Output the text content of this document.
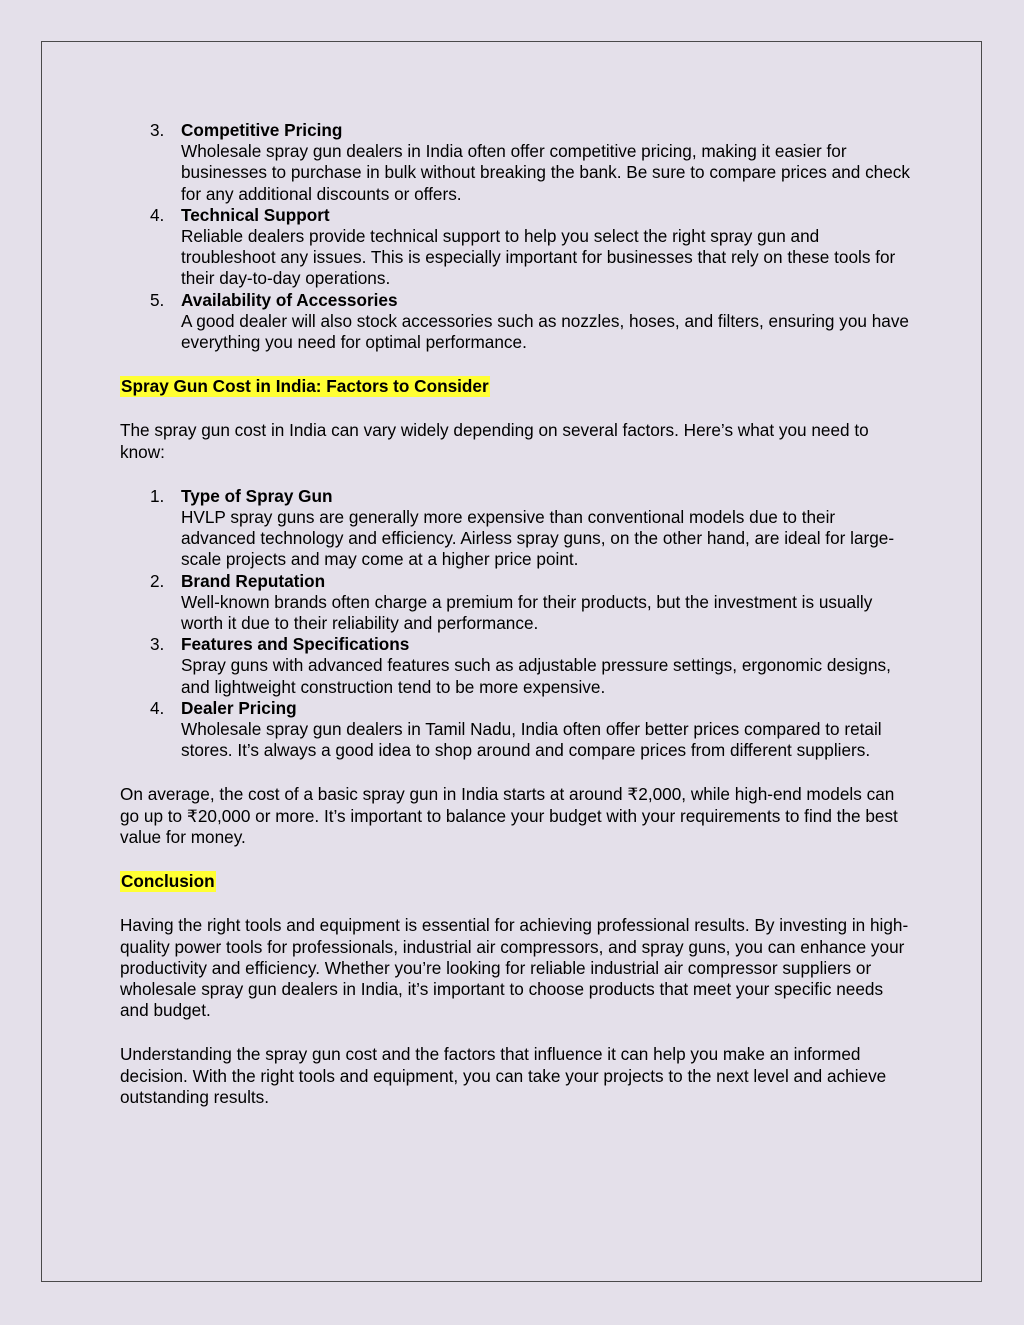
3. Competitive Pricing
Wholesale spray gun dealers in India often offer competitive pricing, making it easier for businesses to purchase in bulk without breaking the bank. Be sure to compare prices and check for any additional discounts or offers.
4. Technical Support
Reliable dealers provide technical support to help you select the right spray gun and troubleshoot any issues. This is especially important for businesses that rely on these tools for their day-to-day operations.
5. Availability of Accessories
A good dealer will also stock accessories such as nozzles, hoses, and filters, ensuring you have everything you need for optimal performance.
Spray Gun Cost in India: Factors to Consider

The spray gun cost in India can vary widely depending on several factors. Here’s what you need to know:

1. Type of Spray Gun
HVLP spray guns are generally more expensive than conventional models due to their advanced technology and efficiency. Airless spray guns, on the other hand, are ideal for large-scale projects and may come at a higher price point.
2. Brand Reputation
Well-known brands often charge a premium for their products, but the investment is usually worth it due to their reliability and performance.
3. Features and Specifications
Spray guns with advanced features such as adjustable pressure settings, ergonomic designs, and lightweight construction tend to be more expensive.
4. Dealer Pricing
Wholesale spray gun dealers in Tamil Nadu, India often offer better prices compared to retail stores. It’s always a good idea to shop around and compare prices from different suppliers.

On average, the cost of a basic spray gun in India starts at around ₹2,000, while high-end models can go up to ₹20,000 or more. It’s important to balance your budget with your requirements to find the best value for money.

Conclusion

Having the right tools and equipment is essential for achieving professional results. By investing in high-quality power tools for professionals, industrial air compressors, and spray guns, you can enhance your productivity and efficiency. Whether you’re looking for reliable industrial air compressor suppliers or wholesale spray gun dealers in India, it’s important to choose products that meet your specific needs and budget.

Understanding the spray gun cost and the factors that influence it can help you make an informed decision. With the right tools and equipment, you can take your projects to the next level and achieve outstanding results.
